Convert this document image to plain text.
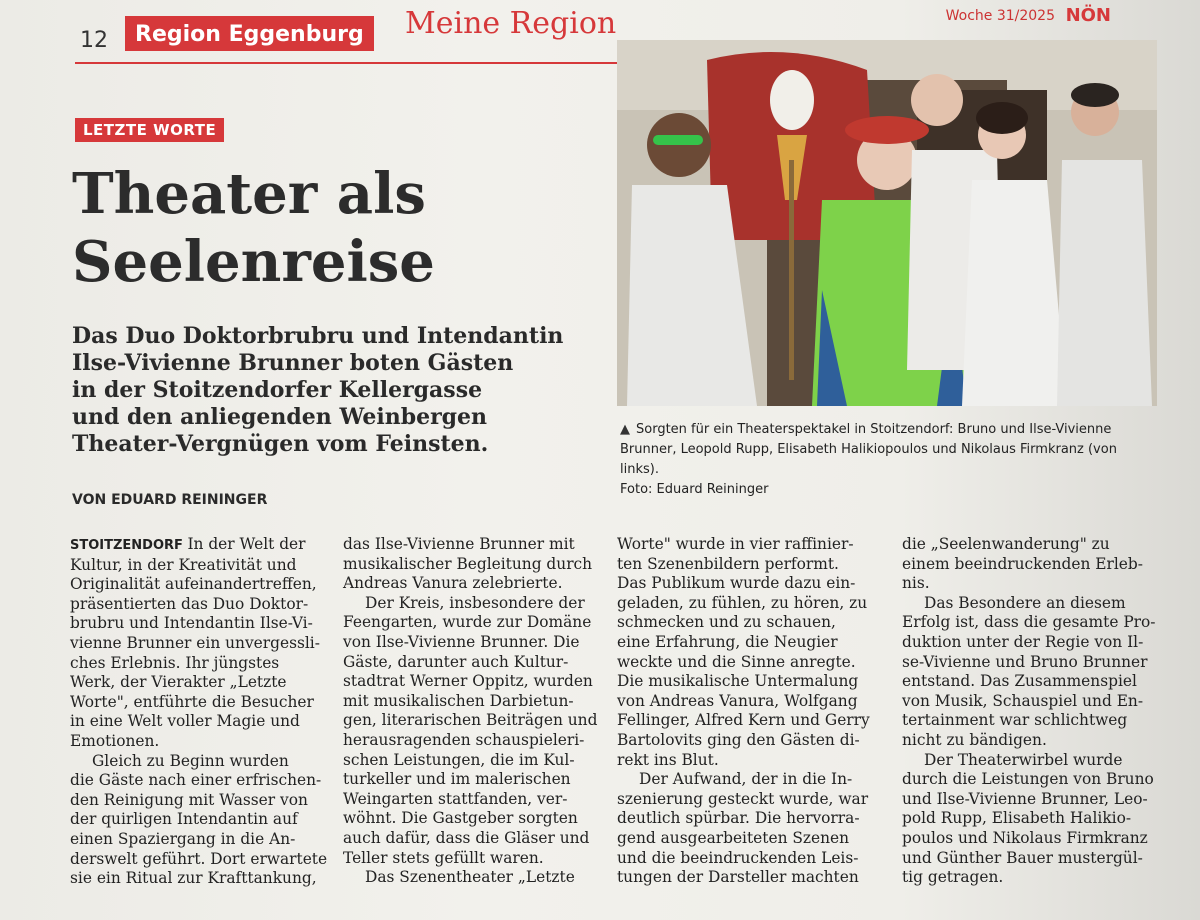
12	Region Eggenburg	Meine Region	Woche 31/2025 NÖN
LETZTE WORTE
Theater als
Seelenreise
Das Duo Doktorbrubru und Intendantin
Ilse-Vivienne Brunner boten Gästen
in der Stoitzendorfer Kellergasse
und den anliegenden Weinbergen
Theater-Vergnügen vom Feinsten.
VON EDUARD REININGER
▲ Sorgten für ein Theaterspektakel in Stoitzendorf: Bruno und Ilse-Vivienne Brunner, Leopold Rupp, Elisabeth Halikiopoulos und Nikolaus Firmkranz (von links).
Foto: Eduard Reininger
STOITZENDORF In der Welt der
Kultur, in der Kreativität und
Originalität aufeinandertreffen,
präsentierten das Duo Doktor-
brubru und Intendantin Ilse-Vi-
vienne Brunner ein unvergessli-
ches Erlebnis. Ihr jüngstes
Werk, der Vierakter „Letzte
Worte", entführte die Besucher
in eine Welt voller Magie und
Emotionen.
Gleich zu Beginn wurden
die Gäste nach einer erfrischen-
den Reinigung mit Wasser von
der quirligen Intendantin auf
einen Spaziergang in die An-
derswelt geführt. Dort erwartete
sie ein Ritual zur Krafttankung,
das Ilse-Vivienne Brunner mit
musikalischer Begleitung durch
Andreas Vanura zelebrierte.
Der Kreis, insbesondere der
Feengarten, wurde zur Domäne
von Ilse-Vivienne Brunner. Die
Gäste, darunter auch Kultur-
stadtrat Werner Oppitz, wurden
mit musikalischen Darbietun-
gen, literarischen Beiträgen und
herausragenden schauspieleri-
schen Leistungen, die im Kul-
turkeller und im malerischen
Weingarten stattfanden, ver-
wöhnt. Die Gastgeber sorgten
auch dafür, dass die Gläser und
Teller stets gefüllt waren.
Das Szenentheater „Letzte
Worte" wurde in vier raffinier-
ten Szenenbildern performt.
Das Publikum wurde dazu ein-
geladen, zu fühlen, zu hören, zu
schmecken und zu schauen,
eine Erfahrung, die Neugier
weckte und die Sinne anregte.
Die musikalische Untermalung
von Andreas Vanura, Wolfgang
Fellinger, Alfred Kern und Gerry
Bartolovits ging den Gästen di-
rekt ins Blut.
Der Aufwand, der in die In-
szenierung gesteckt wurde, war
deutlich spürbar. Die hervorra-
gend ausgearbeiteten Szenen
und die beeindruckenden Leis-
tungen der Darsteller machten
die „Seelenwanderung" zu
einem beeindruckenden Erleb-
nis.
Das Besondere an diesem
Erfolg ist, dass die gesamte Pro-
duktion unter der Regie von Il-
se-Vivienne und Bruno Brunner
entstand. Das Zusammenspiel
von Musik, Schauspiel und En-
tertainment war schlichtweg
nicht zu bändigen.
Der Theaterwirbel wurde
durch die Leistungen von Bruno
und Ilse-Vivienne Brunner, Leo-
pold Rupp, Elisabeth Halikio-
poulos und Nikolaus Firmkranz
und Günther Bauer mustergül-
tig getragen.
